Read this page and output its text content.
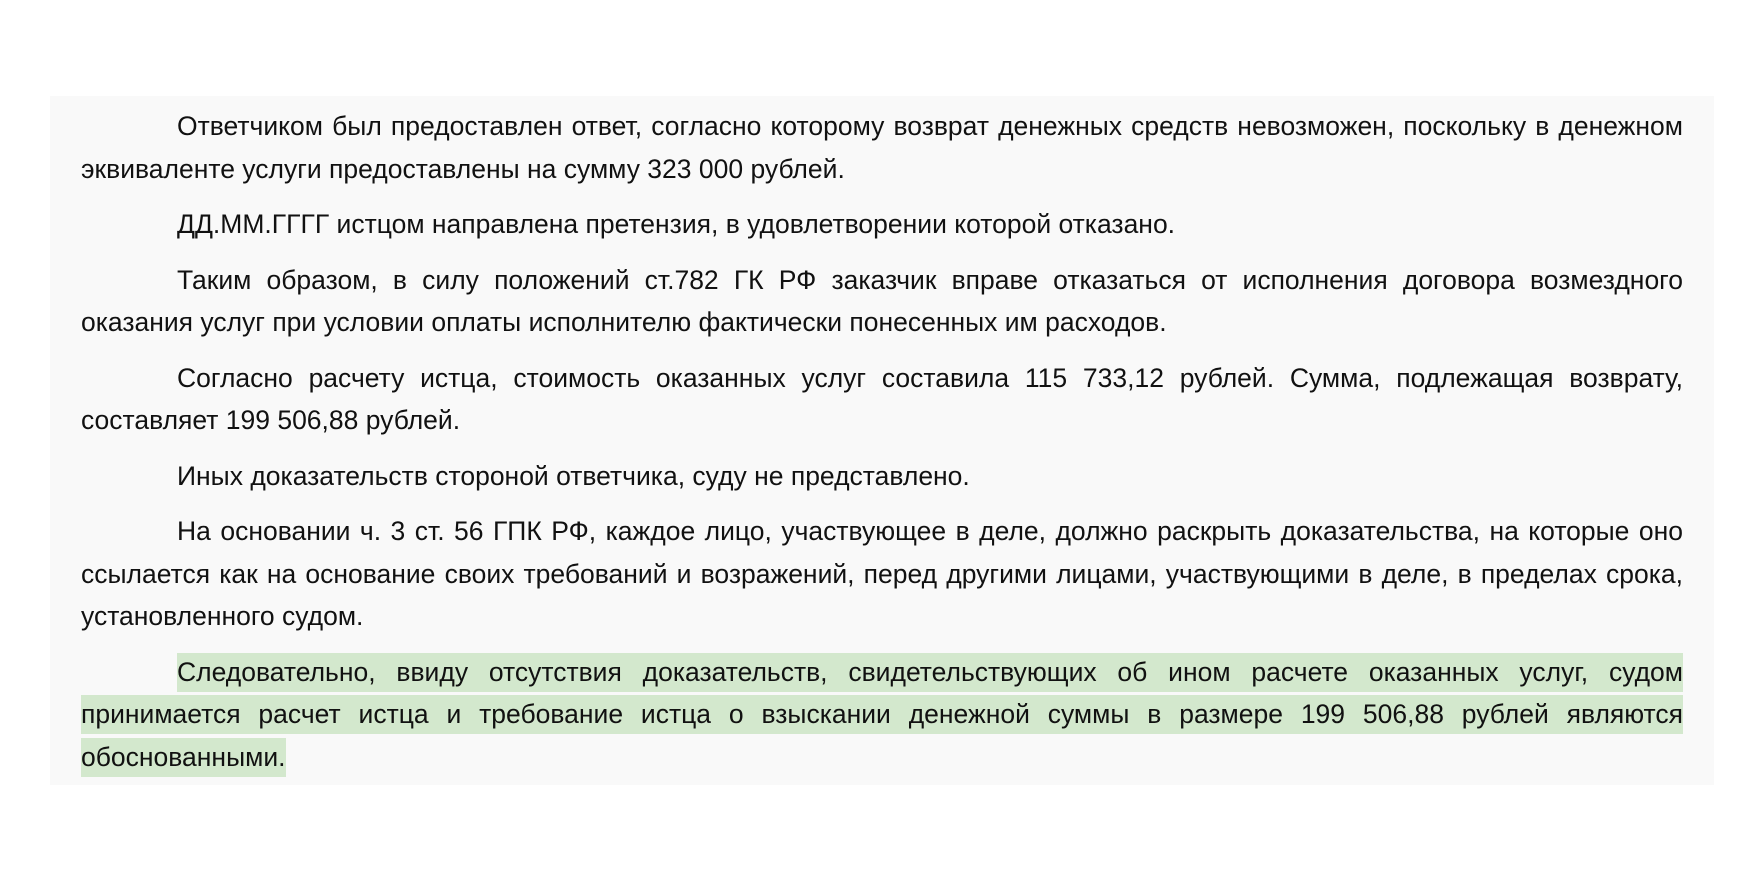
Ответчиком был предоставлен ответ, согласно которому возврат денежных средств невозможен, поскольку в денежном эквиваленте услуги предоставлены на сумму 323 000 рублей.

ДД.ММ.ГГГГ истцом направлена претензия, в удовлетворении которой отказано.

Таким образом, в силу положений ст.782 ГК РФ заказчик вправе отказаться от исполнения договора возмездного оказания услуг при условии оплаты исполнителю фактически понесенных им расходов.

Согласно расчету истца, стоимость оказанных услуг составила 115 733,12 рублей. Сумма, подлежащая возврату, составляет 199 506,88 рублей.

Иных доказательств стороной ответчика, суду не представлено.

На основании ч. 3 ст. 56 ГПК РФ, каждое лицо, участвующее в деле, должно раскрыть доказательства, на которые оно ссылается как на основание своих требований и возражений, перед другими лицами, участвующими в деле, в пределах срока, установленного судом.

Следовательно, ввиду отсутствия доказательств, свидетельствующих об ином расчете оказанных услуг, судом принимается расчет истца и требование истца о взыскании денежной суммы в размере 199 506,88 рублей являются обоснованными.
